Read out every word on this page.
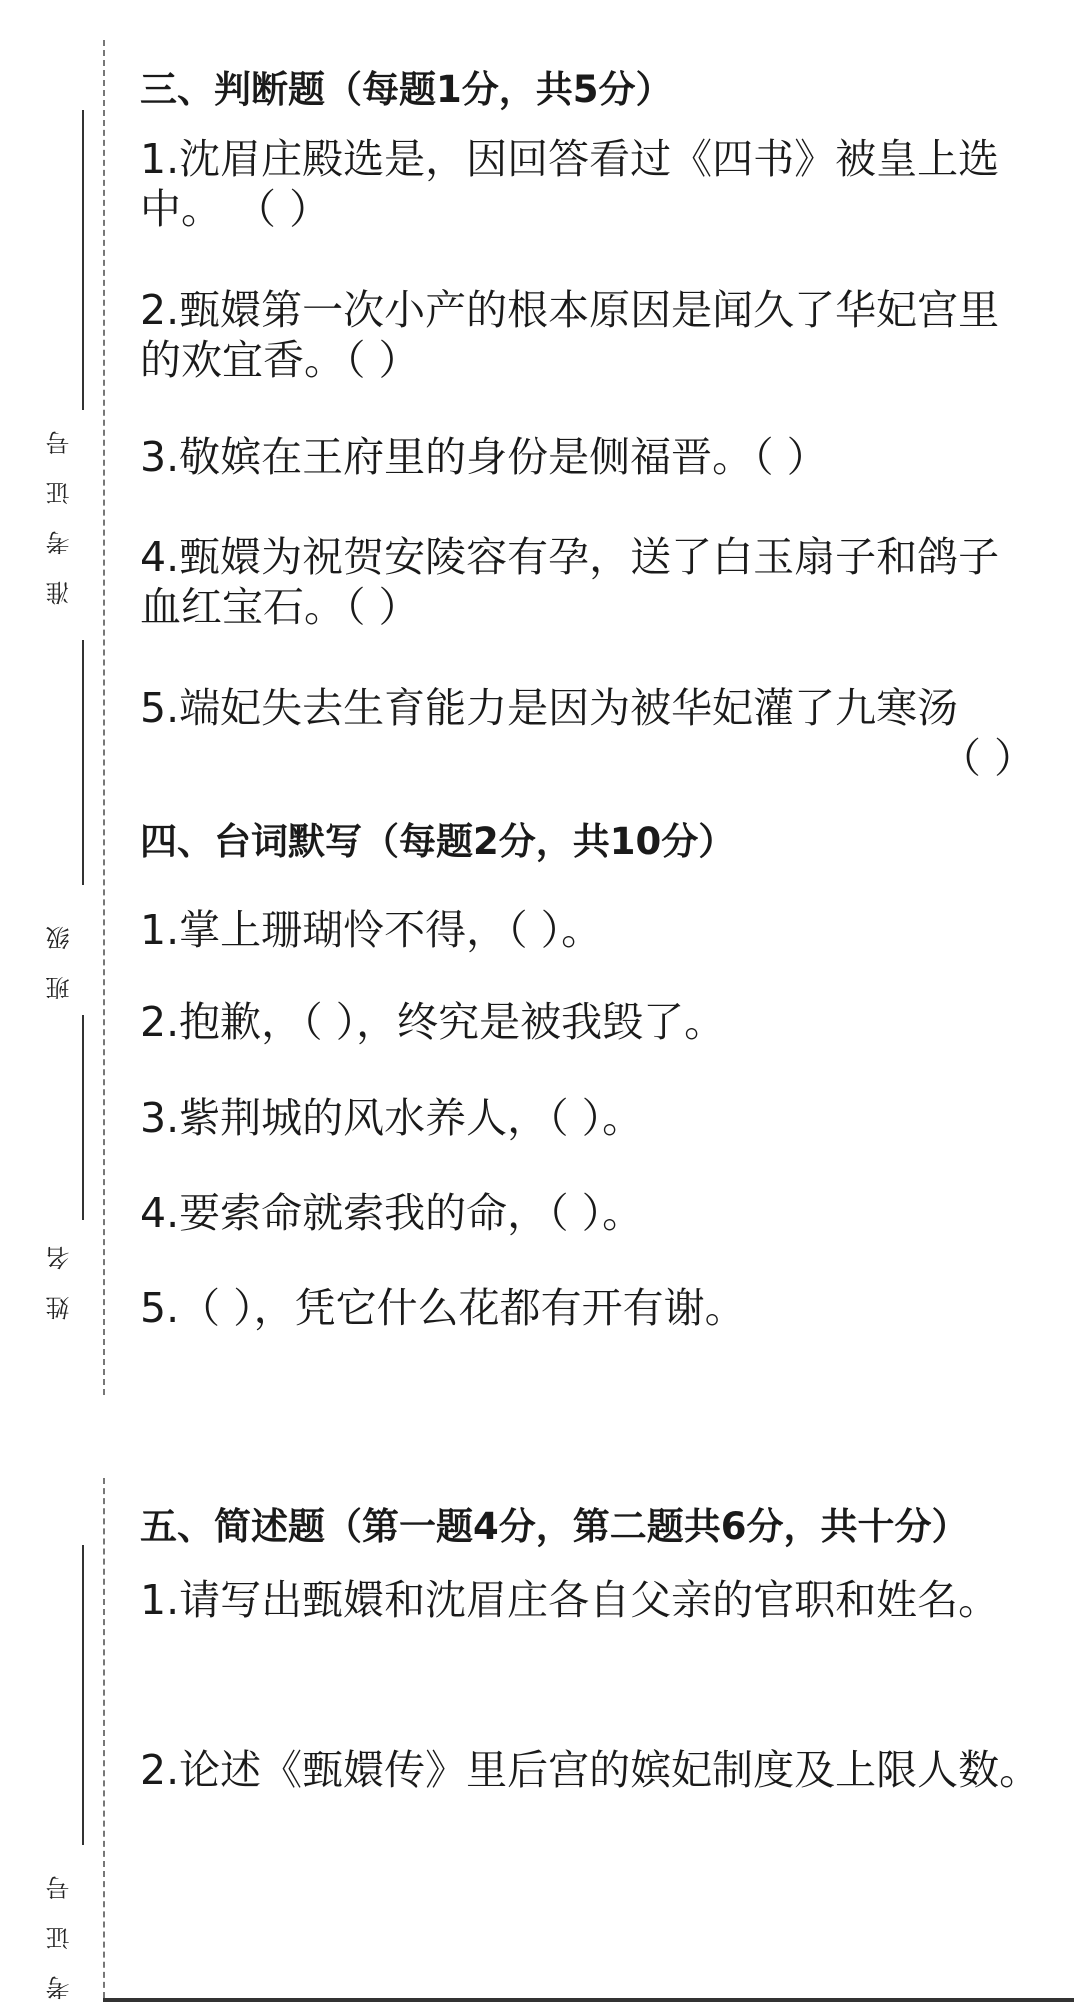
准考证号
班级
姓名
考证号
三、判断题（每题1分，共5分）
1.沈眉庄殿选是，因回答看过《四书》被皇上选
中。 （ ）
2.甄嬛第一次小产的根本原因是闻久了华妃宫里
的欢宜香。（ ）
3.敬嫔在王府里的身份是侧福晋。（ ）
4.甄嬛为祝贺安陵容有孕，送了白玉扇子和鸽子
血红宝石。（ ）
5.端妃失去生育能力是因为被华妃灌了九寒汤
（ ）
四、台词默写（每题2分，共10分）
1.掌上珊瑚怜不得，（ ）。
2.抱歉，（ ），终究是被我毁了。
3.紫荆城的风水养人，（ ）。
4.要索命就索我的命，（ ）。
5.（ ），凭它什么花都有开有谢。
五、简述题（第一题4分，第二题共6分，共十分）
1.请写出甄嬛和沈眉庄各自父亲的官职和姓名。
2.论述《甄嬛传》里后宫的嫔妃制度及上限人数。
